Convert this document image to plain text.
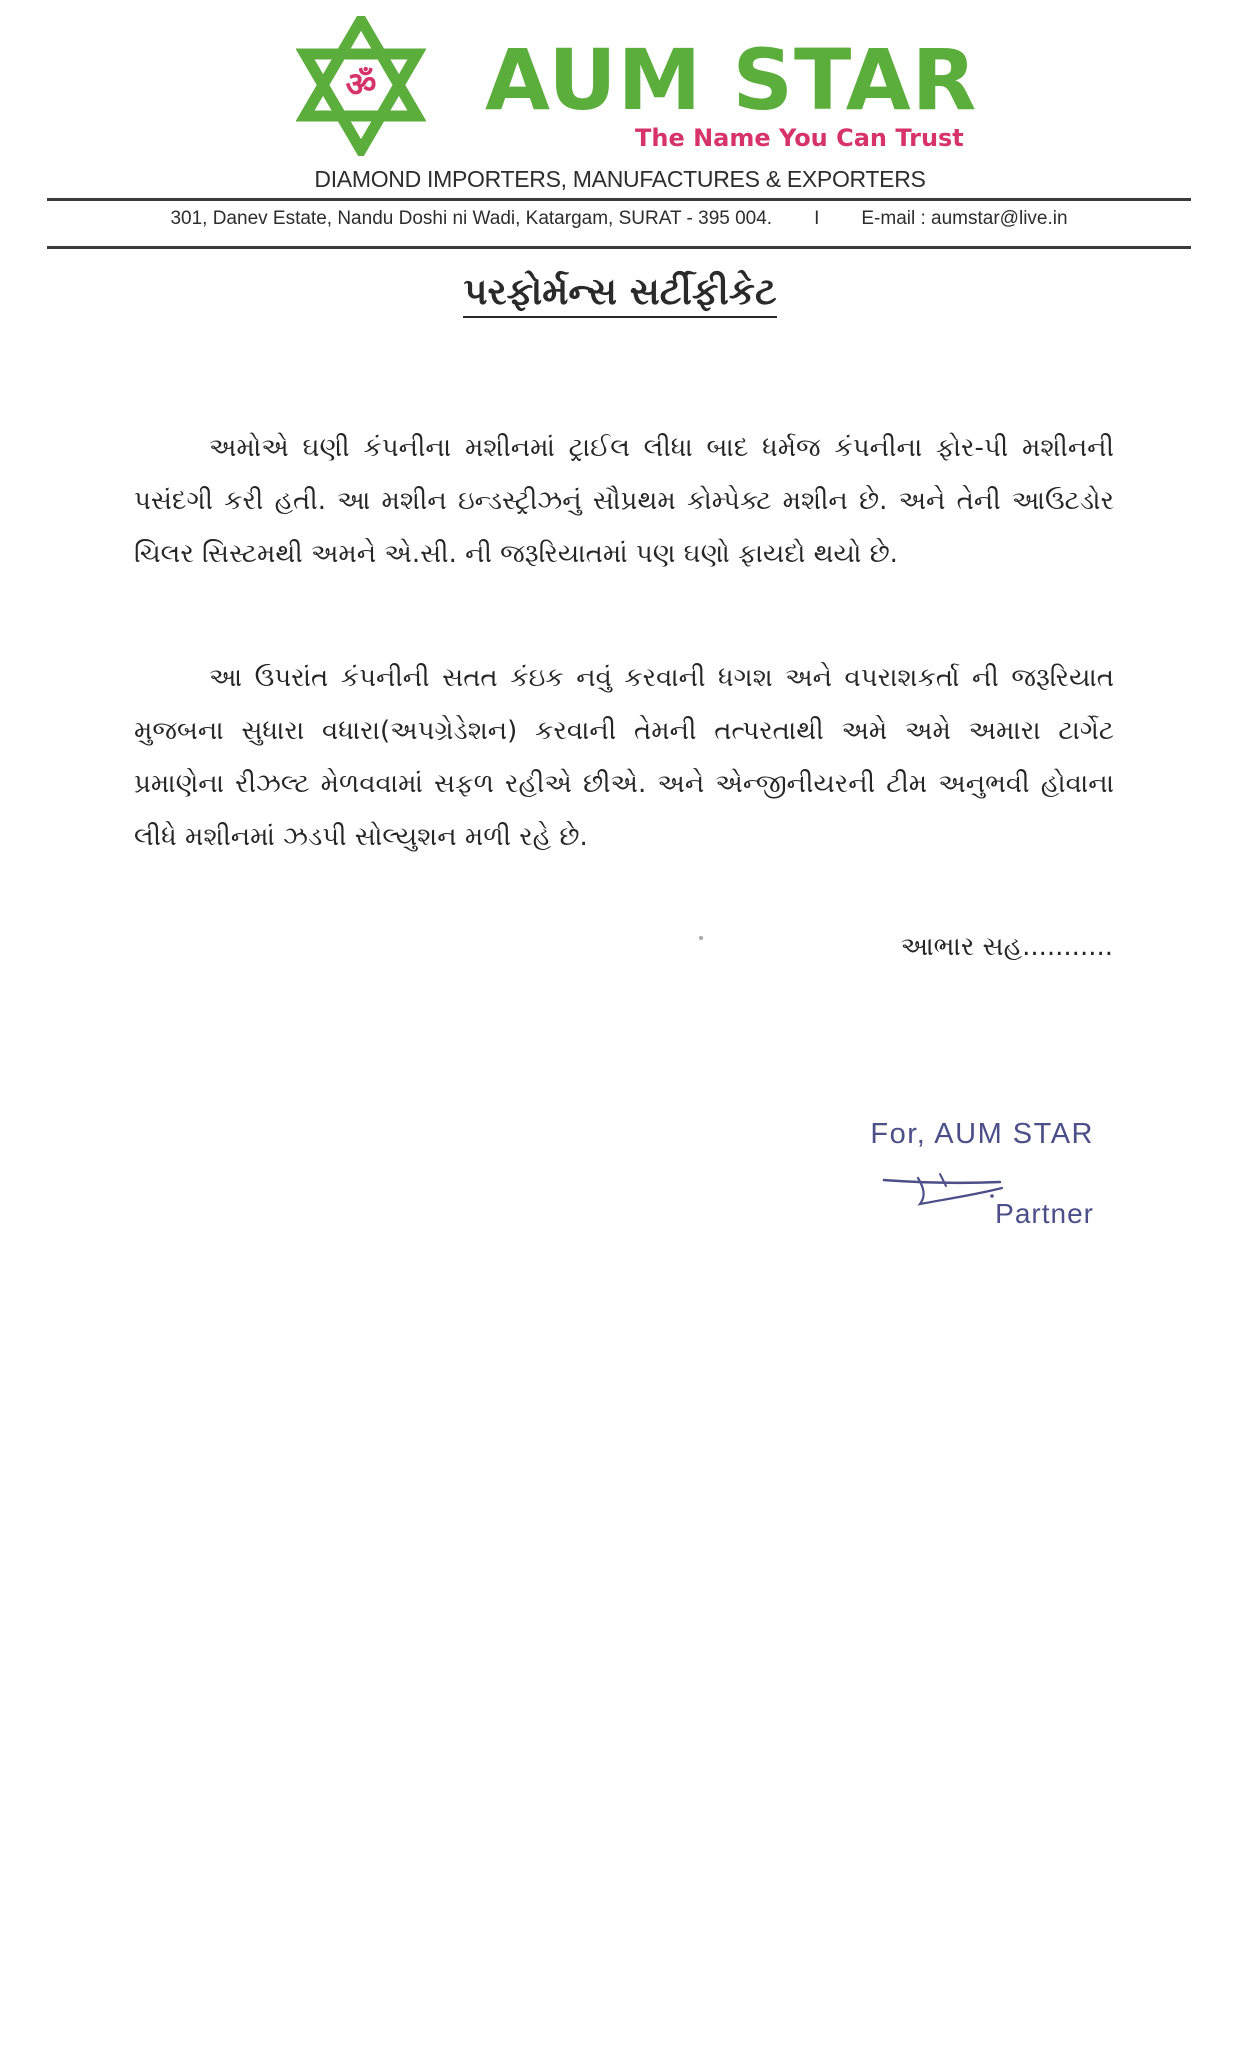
ॐ AUM STAR
The Name You Can Trust
DIAMOND IMPORTERS, MANUFACTURES & EXPORTERS
301, Danev Estate, Nandu Doshi ni Wadi, Katargam, SURAT - 395 004. I E-mail : aumstar@live.in
પરફોર્મન્સ સર્ટીફીકેટ

અમોએ ઘણી કંપનીના મશીનમાં ટ્રાઈલ લીધા બાદ ધર્મજ કંપનીના ફોર-પી મશીનની પસંદગી કરી હતી. આ મશીન ઇન્ડસ્ટ્રીઝનું સૌપ્રથમ કોમ્પેક્ટ મશીન છે. અને તેની આઉટડોર ચિલર સિસ્ટમથી અમને એ.સી. ની જરૂરિયાતમાં પણ ઘણો ફાયદો થયો છે.

આ ઉપરાંત કંપનીની સતત કંઇક નવું કરવાની ધગશ અને વપરાશકર્તા ની જરૂરિયાત મુજબના સુધારા વધારા(અપગ્રેડેશન) કરવાની તેમની તત્પરતાથી અમે અમે અમારા ટાર્ગેટ પ્રમાણેના રીઝલ્ટ મેળવવામાં સફળ રહીએ છીએ. અને એન્જીનીયરની ટીમ અનુભવી હોવાના લીધે મશીનમાં ઝડપી સોલ્યુશન મળી રહે છે.

આભાર સહ...........
For, AUM STAR
Partner
